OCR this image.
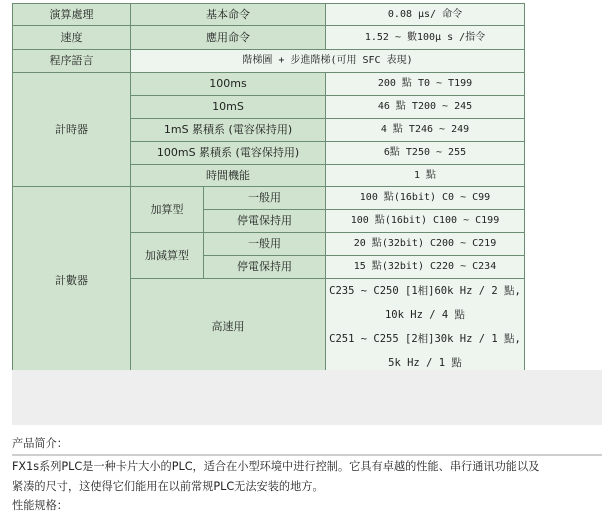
演算處理	基本命令		0.08 μs/ 命令
速度	應用命令		1.52 ~ 數100μ s /指令
程序語言	階梯圖 + 步進階梯(可用 SFC 表現)		
計時器	100ms		200 點 T0 ~ T199
	10mS		46 點 T200 ~ 245
	1mS 累積系 (電容保持用)		4 點 T246 ~ 249
	100mS 累積系 (電容保持用)		6點 T250 ~ 255
	時間機能		1 點
計數器	加算型	一般用	100 點(16bit) C0 ~ C99
		停電保持用	100 點(16bit) C100 ~ C199
	加減算型	一般用	20 點(32bit) C200 ~ C219
		停電保持用	15 點(32bit) C220 ~ C234
	高速用		C235 ~ C250 [1相]60k Hz / 2 點,
10k Hz / 4 點
C251 ~ C255 [2相]30k Hz / 1 點,
5k Hz / 1 點
产品简介：

FX1s系列PLC是一种卡片大小的PLC，适合在小型环境中进行控制。它具有卓越的性能、串行通讯功能以及

紧凑的尺寸，这使得它们能用在以前常规PLC无法安装的地方。

性能规格：
